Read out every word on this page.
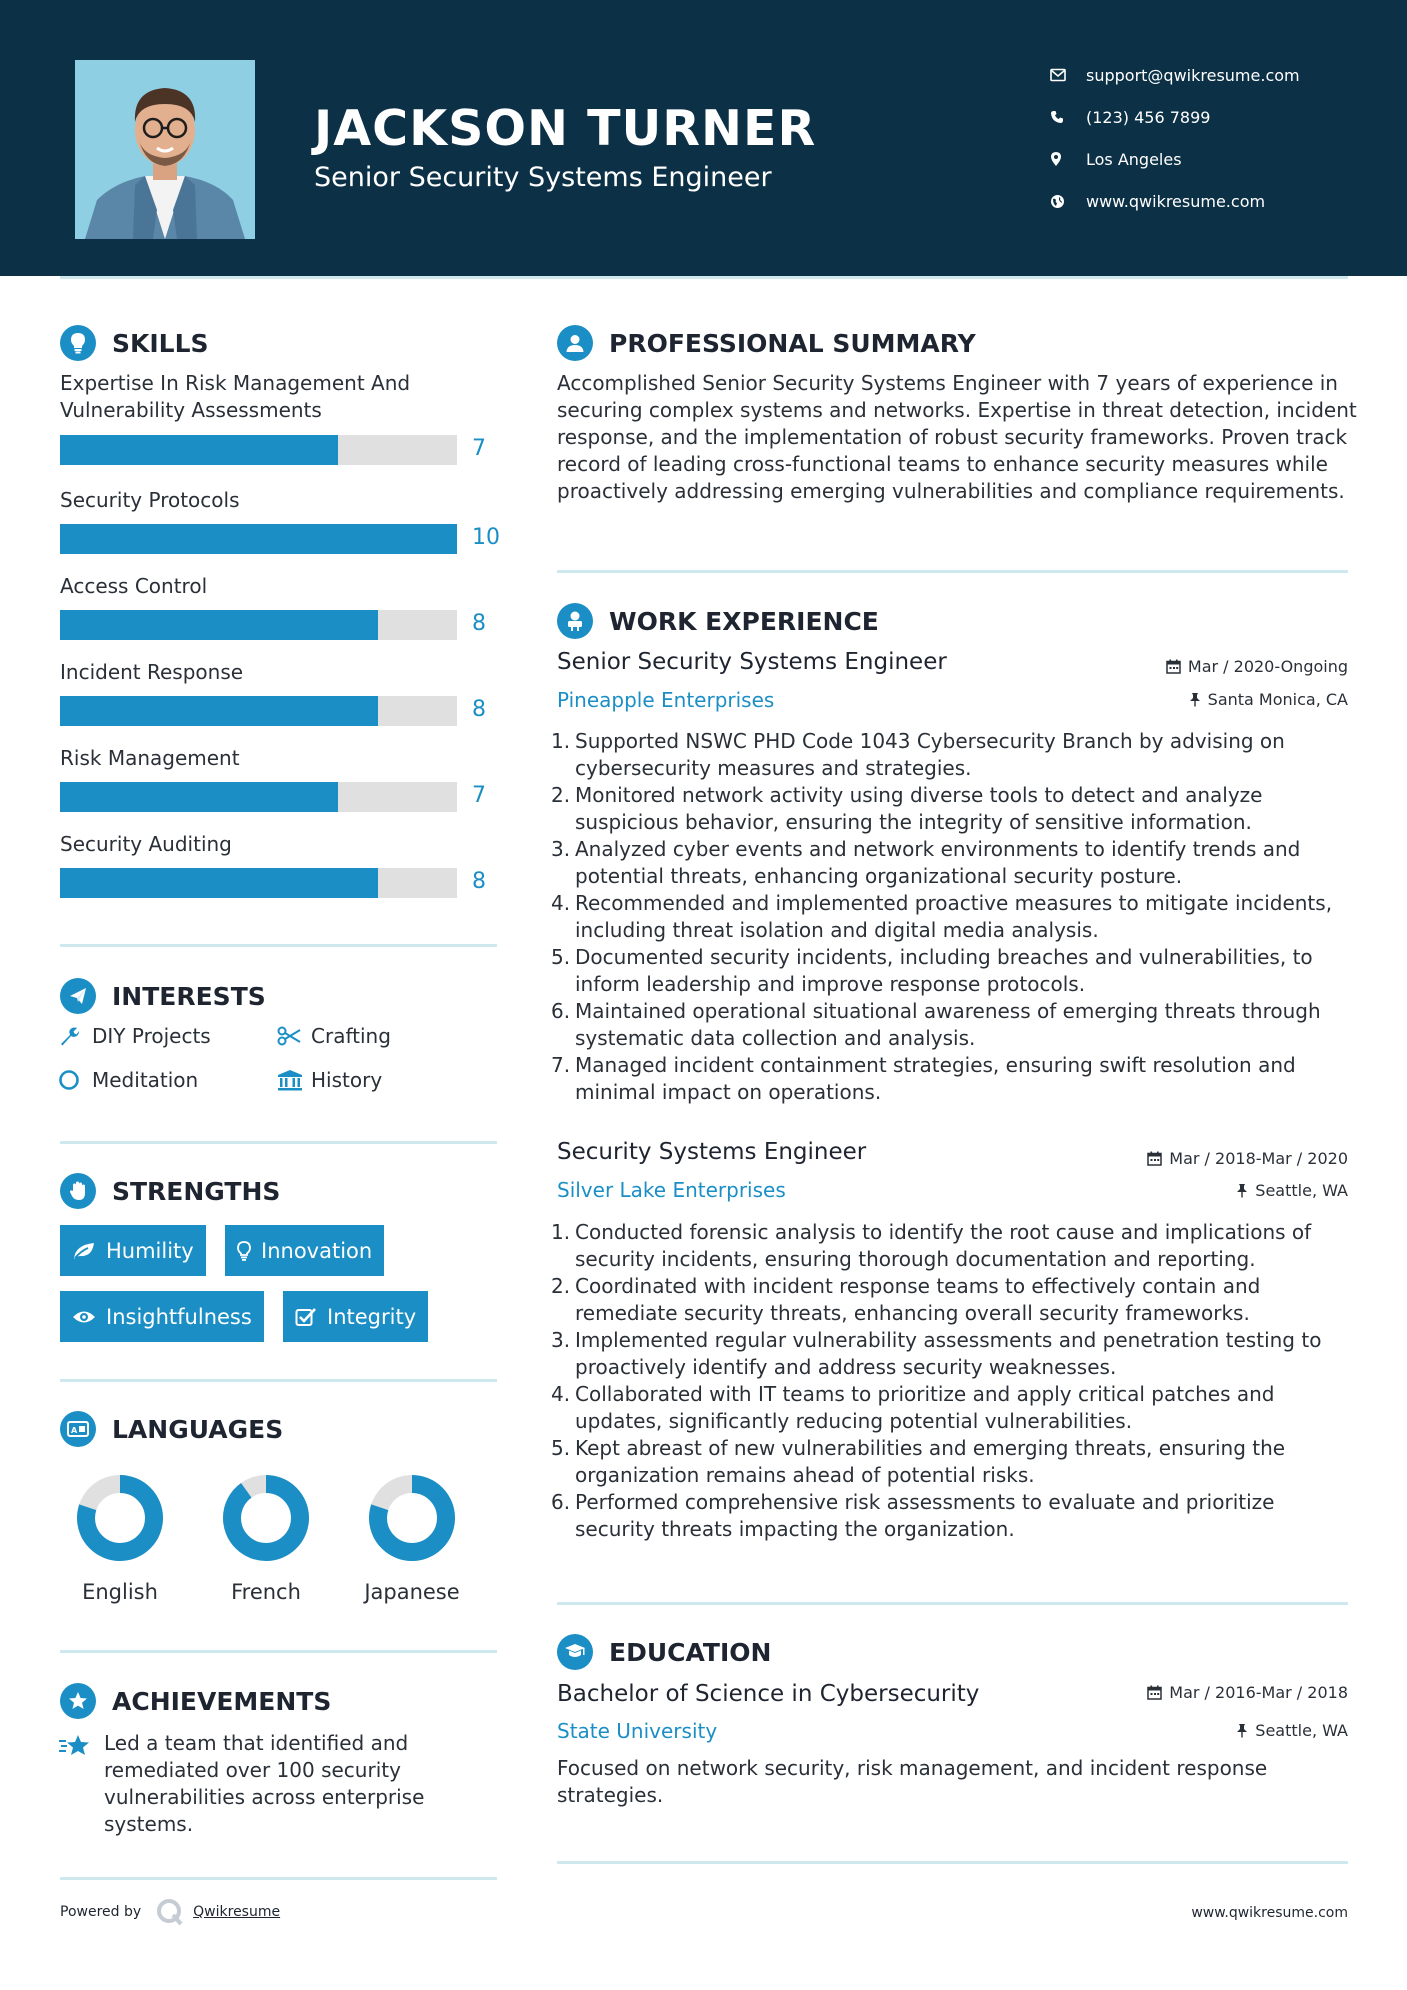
JACKSON TURNER
Senior Security Systems Engineer
support@qwikresume.com
(123) 456 7899
Los Angeles
www.qwikresume.com
SKILLS
Expertise In Risk Management And Vulnerability Assessments
7
Security Protocols
10
Access Control
8
Incident Response
8
Risk Management
7
Security Auditing
8
INTERESTS
DIY Projects	Crafting
Meditation	History
STRENGTHS
Humility	Innovation
Insightfulness	Integrity
A LANGUAGES
English	French	Japanese
ACHIEVEMENTS
Led a team that identified and remediated over 100 security vulnerabilities across enterprise systems.
PROFESSIONAL SUMMARY
Accomplished Senior Security Systems Engineer with 7 years of experience in securing complex systems and networks. Expertise in threat detection, incident response, and the implementation of robust security frameworks. Proven track record of leading cross-functional teams to enhance security measures while proactively addressing emerging vulnerabilities and compliance requirements.
WORK EXPERIENCE
Senior Security Systems Engineer	Mar / 2020-Ongoing
Pineapple Enterprises	Santa Monica, CA
1. Supported NSWC PHD Code 1043 Cybersecurity Branch by advising on cybersecurity measures and strategies.
2. Monitored network activity using diverse tools to detect and analyze suspicious behavior, ensuring the integrity of sensitive information.
3. Analyzed cyber events and network environments to identify trends and potential threats, enhancing organizational security posture.
4. Recommended and implemented proactive measures to mitigate incidents, including threat isolation and digital media analysis.
5. Documented security incidents, including breaches and vulnerabilities, to inform leadership and improve response protocols.
6. Maintained operational situational awareness of emerging threats through systematic data collection and analysis.
7. Managed incident containment strategies, ensuring swift resolution and minimal impact on operations.
Security Systems Engineer	Mar / 2018-Mar / 2020
Silver Lake Enterprises	Seattle, WA
1. Conducted forensic analysis to identify the root cause and implications of security incidents, ensuring thorough documentation and reporting.
2. Coordinated with incident response teams to effectively contain and remediate security threats, enhancing overall security frameworks.
3. Implemented regular vulnerability assessments and penetration testing to proactively identify and address security weaknesses.
4. Collaborated with IT teams to prioritize and apply critical patches and updates, significantly reducing potential vulnerabilities.
5. Kept abreast of new vulnerabilities and emerging threats, ensuring the organization remains ahead of potential risks.
6. Performed comprehensive risk assessments to evaluate and prioritize security threats impacting the organization.
EDUCATION
Bachelor of Science in Cybersecurity	Mar / 2016-Mar / 2018
State University	Seattle, WA
Focused on network security, risk management, and incident response strategies.
Powered by	Qwikresume	www.qwikresume.com
